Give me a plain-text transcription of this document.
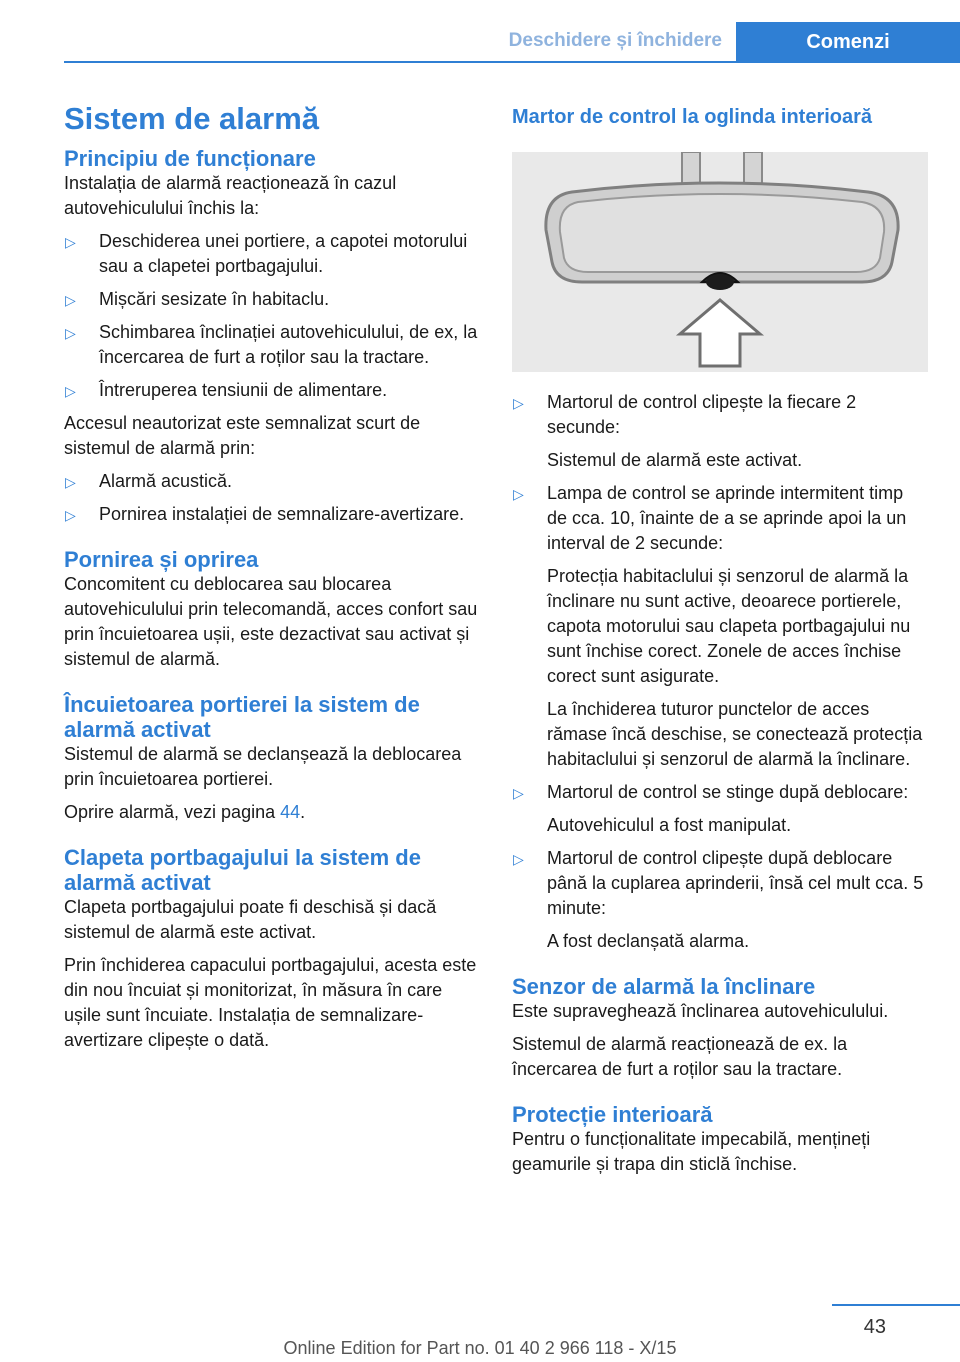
Deschidere și închidere	Comenzi
Sistem de alarmă
Principiu de funcționare

Instalația de alarmă reacționează în cazul autovehiculului închis la:

▷ Deschiderea unei portiere, a capotei motorului sau a clapetei portbagajului.
▷ Mișcări sesizate în habitaclu.
▷ Schimbarea înclinației autovehiculului, de ex, la încercarea de furt a roților sau la tractare.
▷ Întreruperea tensiunii de alimentare.

Accesul neautorizat este semnalizat scurt de sistemul de alarmă prin:

▷ Alarmă acustică.
▷ Pornirea instalației de semnalizare-avertizare.
Pornirea și oprirea

Concomitent cu deblocarea sau blocarea autovehiculului prin telecomandă, acces confort sau prin încuietoarea ușii, este dezactivat sau activat și sistemul de alarmă.

Încuietoarea portierei la sistem de alarmă activat

Sistemul de alarmă se declanșează la deblocarea prin încuietoarea portierei.

Oprire alarmă, vezi pagina 44.

Clapeta portbagajului la sistem de alarmă activat

Clapeta portbagajului poate fi deschisă și dacă sistemul de alarmă este activat.

Prin închiderea capacului portbagajului, acesta este din nou încuiat și monitorizat, în măsura în care ușile sunt încuiate. Instalația de semnalizare-avertizare clipește o dată.

Martor de control la oglinda interioară
▷ Martorul de control clipește la fiecare 2 secunde:
Sistemul de alarmă este activat.
▷ Lampa de control se aprinde intermitent timp de cca. 10, înainte de a se aprinde apoi la un interval de 2 secunde:
Protecția habitaclului și senzorul de alarmă la înclinare nu sunt active, deoarece portierele, capota motorului sau clapeta portbagajului nu sunt închise corect. Zonele de acces închise corect sunt asigurate.
La închiderea tuturor punctelor de acces rămase încă deschise, se conectează protecția habitaclului și senzorul de alarmă la înclinare.
▷ Martorul de control se stinge după deblocare:
Autovehiculul a fost manipulat.
▷ Martorul de control clipește după deblocare până la cuplarea aprinderii, însă cel mult cca. 5 minute:
A fost declanșată alarma.
Senzor de alarmă la înclinare

Este supraveghează înclinarea autovehiculului.

Sistemul de alarmă reacționează de ex. la încercarea de furt a roților sau la tractare.

Protecție interioară

Pentru o funcționalitate impecabilă, mențineți geamurile și trapa din sticlă închise.

43
Online Edition for Part no. 01 40 2 966 118 - X/15
